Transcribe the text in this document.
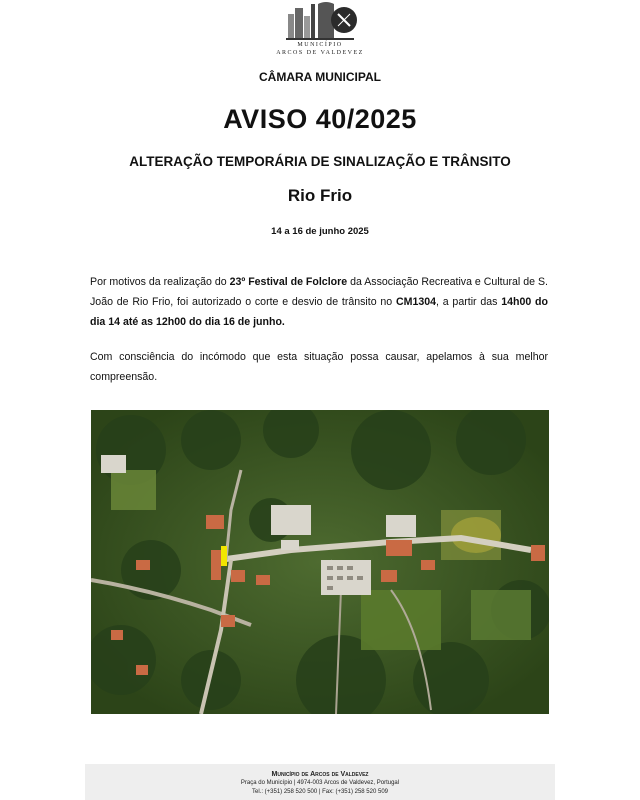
MUNICÍPIO
ARCOS DE VALDEVEZ
CÂMARA MUNICIPAL
AVISO 40/2025
ALTERAÇÃO TEMPORÁRIA DE SINALIZAÇÃO E TRÂNSITO
Rio Frio
14 a 16 de junho 2025
Por motivos da realização do 23º Festival de Folclore da Associação Recreativa e Cultural de S. João de Rio Frio, foi autorizado o corte e desvio de trânsito no CM1304, a partir das 14h00 do dia 14 até as 12h00 do dia 16 de junho.
Com consciência do incómodo que esta situação possa causar, apelamos à sua melhor compreensão.
Município de Arcos de Valdevez
Praça do Município | 4974-003 Arcos de Valdevez, Portugal
Tel.: (+351) 258 520 500 | Fax: (+351) 258 520 509
